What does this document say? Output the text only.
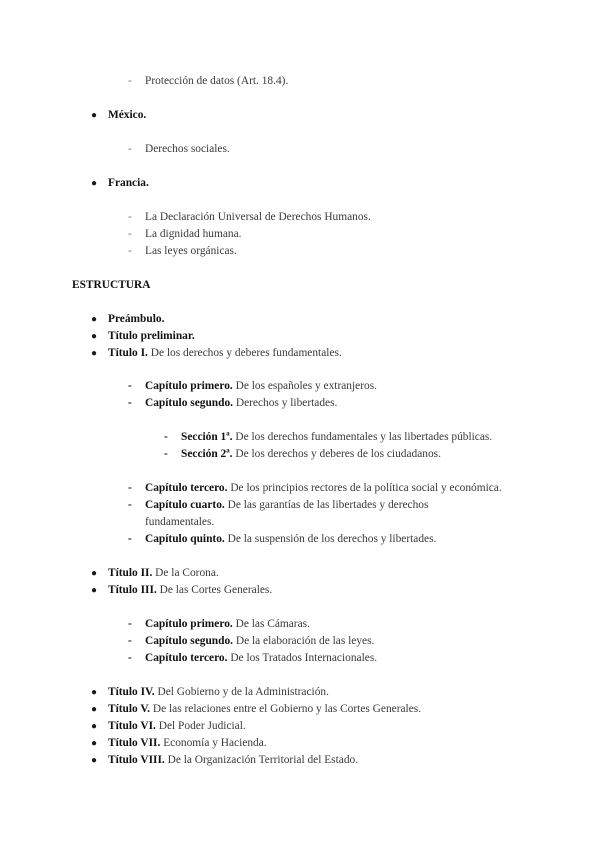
-	Protección de datos (Art. 18.4).
● México.
-	Derechos sociales.
● Francia.
-	La Declaración Universal de Derechos Humanos.
-	La dignidad humana.
-	Las leyes orgánicas.
ESTRUCTURA
● Preámbulo.
● Título preliminar.
● Título I. De los derechos y deberes fundamentales.
-	Capítulo primero. De los españoles y extranjeros.
-	Capítulo segundo. Derechos y libertades.
-	Sección 1ª. De los derechos fundamentales y las libertades públicas.
-	Sección 2ª. De los derechos y deberes de los ciudadanos.
-	Capítulo tercero. De los principios rectores de la política social y económica.
-	Capítulo cuarto. De las garantías de las libertades y derechos fundamentales.
-	Capítulo quinto. De la suspensión de los derechos y libertades.
● Título II. De la Corona.
● Título III. De las Cortes Generales.
-	Capítulo primero. De las Cámaras.
-	Capítulo segundo. De la elaboración de las leyes.
-	Capítulo tercero. De los Tratados Internacionales.
● Título IV. Del Gobierno y de la Administración.
● Título V. De las relaciones entre el Gobierno y las Cortes Generales.
● Título VI. Del Poder Judicial.
● Título VII. Economía y Hacienda.
● Título VIII. De la Organización Territorial del Estado.
